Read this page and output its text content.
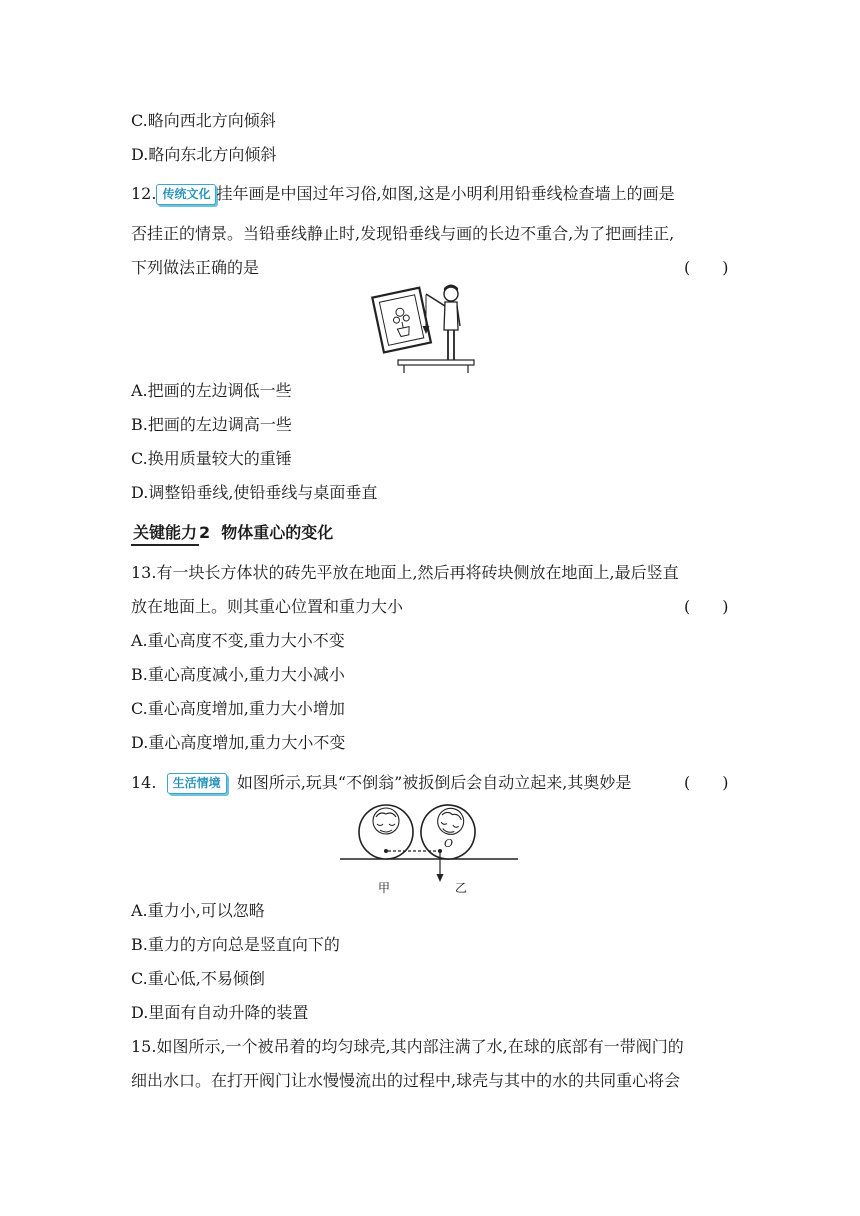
C.略向西北方向倾斜
D.略向东北方向倾斜
12. 传统文化 挂年画是中国过年习俗,如图,这是小明利用铅垂线检查墙上的画是
否挂正的情景。当铅垂线静止时,发现铅垂线与画的长边不重合,为了把画挂正,
下列做法正确的是	(　　)
A.把画的左边调低一些
B.把画的左边调高一些
C.换用质量较大的重锤
D.调整铅垂线,使铅垂线与桌面垂直
关键能力 2 物体重心的变化
13.有一块长方体状的砖先平放在地面上,然后再将砖块侧放在地面上,最后竖直
放在地面上。则其重心位置和重力大小	(　　)
A.重心高度不变,重力大小不变
B.重心高度减小,重力大小减小
C.重心高度增加,重力大小增加
D.重心高度增加,重力大小不变
14. 生活情境 如图所示,玩具“不倒翁”被扳倒后会自动立起来,其奥妙是	(　　)
O
甲	乙
A.重力小,可以忽略
B.重力的方向总是竖直向下的
C.重心低,不易倾倒
D.里面有自动升降的装置
15.如图所示,一个被吊着的均匀球壳,其内部注满了水,在球的底部有一带阀门的
细出水口。在打开阀门让水慢慢流出的过程中,球壳与其中的水的共同重心将会
